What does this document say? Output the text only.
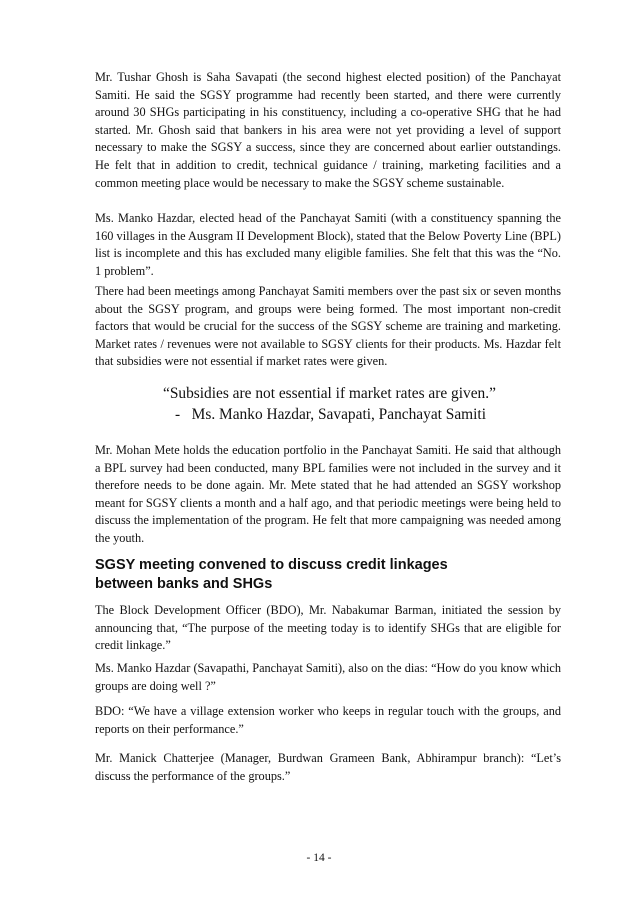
Mr. Tushar Ghosh is Saha Savapati (the second highest elected position) of the Panchayat Samiti. He said the SGSY programme had recently been started, and there were currently around 30 SHGs participating in his constituency, including a co-operative SHG that he had started. Mr. Ghosh said that bankers in his area were not yet providing a level of support necessary to make the SGSY a success, since they are concerned about earlier outstandings. He felt that in addition to credit, technical guidance / training, marketing facilities and a common meeting place would be necessary to make the SGSY scheme sustainable.

Ms. Manko Hazdar, elected head of the Panchayat Samiti (with a constituency spanning the 160 villages in the Ausgram II Development Block), stated that the Below Poverty Line (BPL) list is incomplete and this has excluded many eligible families. She felt that this was the “No. 1 problem”.

There had been meetings among Panchayat Samiti members over the past six or seven months about the SGSY program, and groups were being formed. The most important non-credit factors that would be crucial for the success of the SGSY scheme are training and marketing. Market rates / revenues were not available to SGSY clients for their products. Ms. Hazdar felt that subsidies were not essential if market rates were given.

“Subsidies are not essential if market rates are given.”
-   Ms. Manko Hazdar, Savapati, Panchayat Samiti

Mr. Mohan Mete holds the education portfolio in the Panchayat Samiti. He said that although a BPL survey had been conducted, many BPL families were not included in the survey and it therefore needs to be done again. Mr. Mete stated that he had attended an SGSY workshop meant for SGSY clients a month and a half ago, and that periodic meetings were being held to discuss the implementation of the program. He felt that more campaigning was needed among the youth.

SGSY meeting convened to discuss credit linkages
between banks and SHGs

The Block Development Officer (BDO), Mr. Nabakumar Barman, initiated the session by announcing that, “The purpose of the meeting today is to identify SHGs that are eligible for credit linkage.”

Ms. Manko Hazdar (Savapathi, Panchayat Samiti), also on the dias: “How do you know which groups are doing well ?”

BDO: “We have a village extension worker who keeps in regular touch with the groups, and reports on their performance.”

Mr. Manick Chatterjee (Manager, Burdwan Grameen Bank, Abhirampur branch): “Let’s discuss the performance of the groups.”

- 14 -
